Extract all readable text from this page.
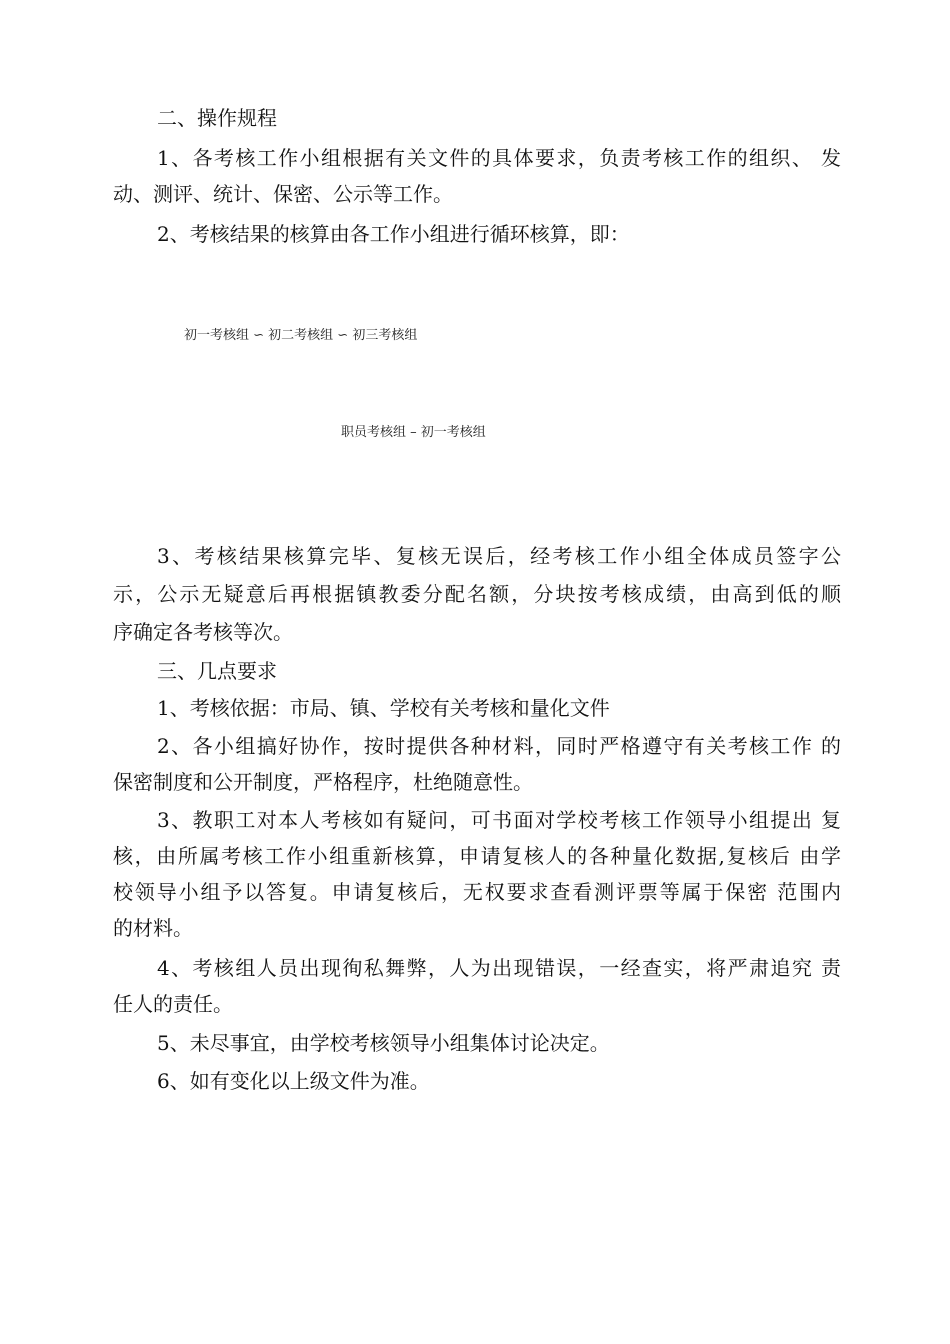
二、操作规程
1、各考核工作小组根据有关文件的具体要求，负责考核工作的组织、 发
动、测评、统计、保密、公示等工作。
2、考核结果的核算由各工作小组进行循环核算，即：
初一考核组 ∽ 初二考核组 ∽ 初三考核组
职员考核组 – 初一考核组
3、考核结果核算完毕、复核无误后，经考核工作小组全体成员签字公
示，公示无疑意后再根据镇教委分配名额，分块按考核成绩，由高到低的顺
序确定各考核等次。
三、几点要求
1、考核依据：市局、镇、学校有关考核和量化文件
2、各小组搞好协作，按时提供各种材料，同时严格遵守有关考核工作 的
保密制度和公开制度，严格程序，杜绝随意性。
3、教职工对本人考核如有疑问，可书面对学校考核工作领导小组提出 复
核，由所属考核工作小组重新核算，申请复核人的各种量化数据,复核后 由学
校领导小组予以答复。申请复核后，无权要求查看测评票等属于保密 范围内
的材料。
4、考核组人员出现徇私舞弊，人为出现错误，一经查实，将严肃追究 责
任人的责任。
5、未尽事宜，由学校考核领导小组集体讨论决定。
6、如有变化以上级文件为准。
